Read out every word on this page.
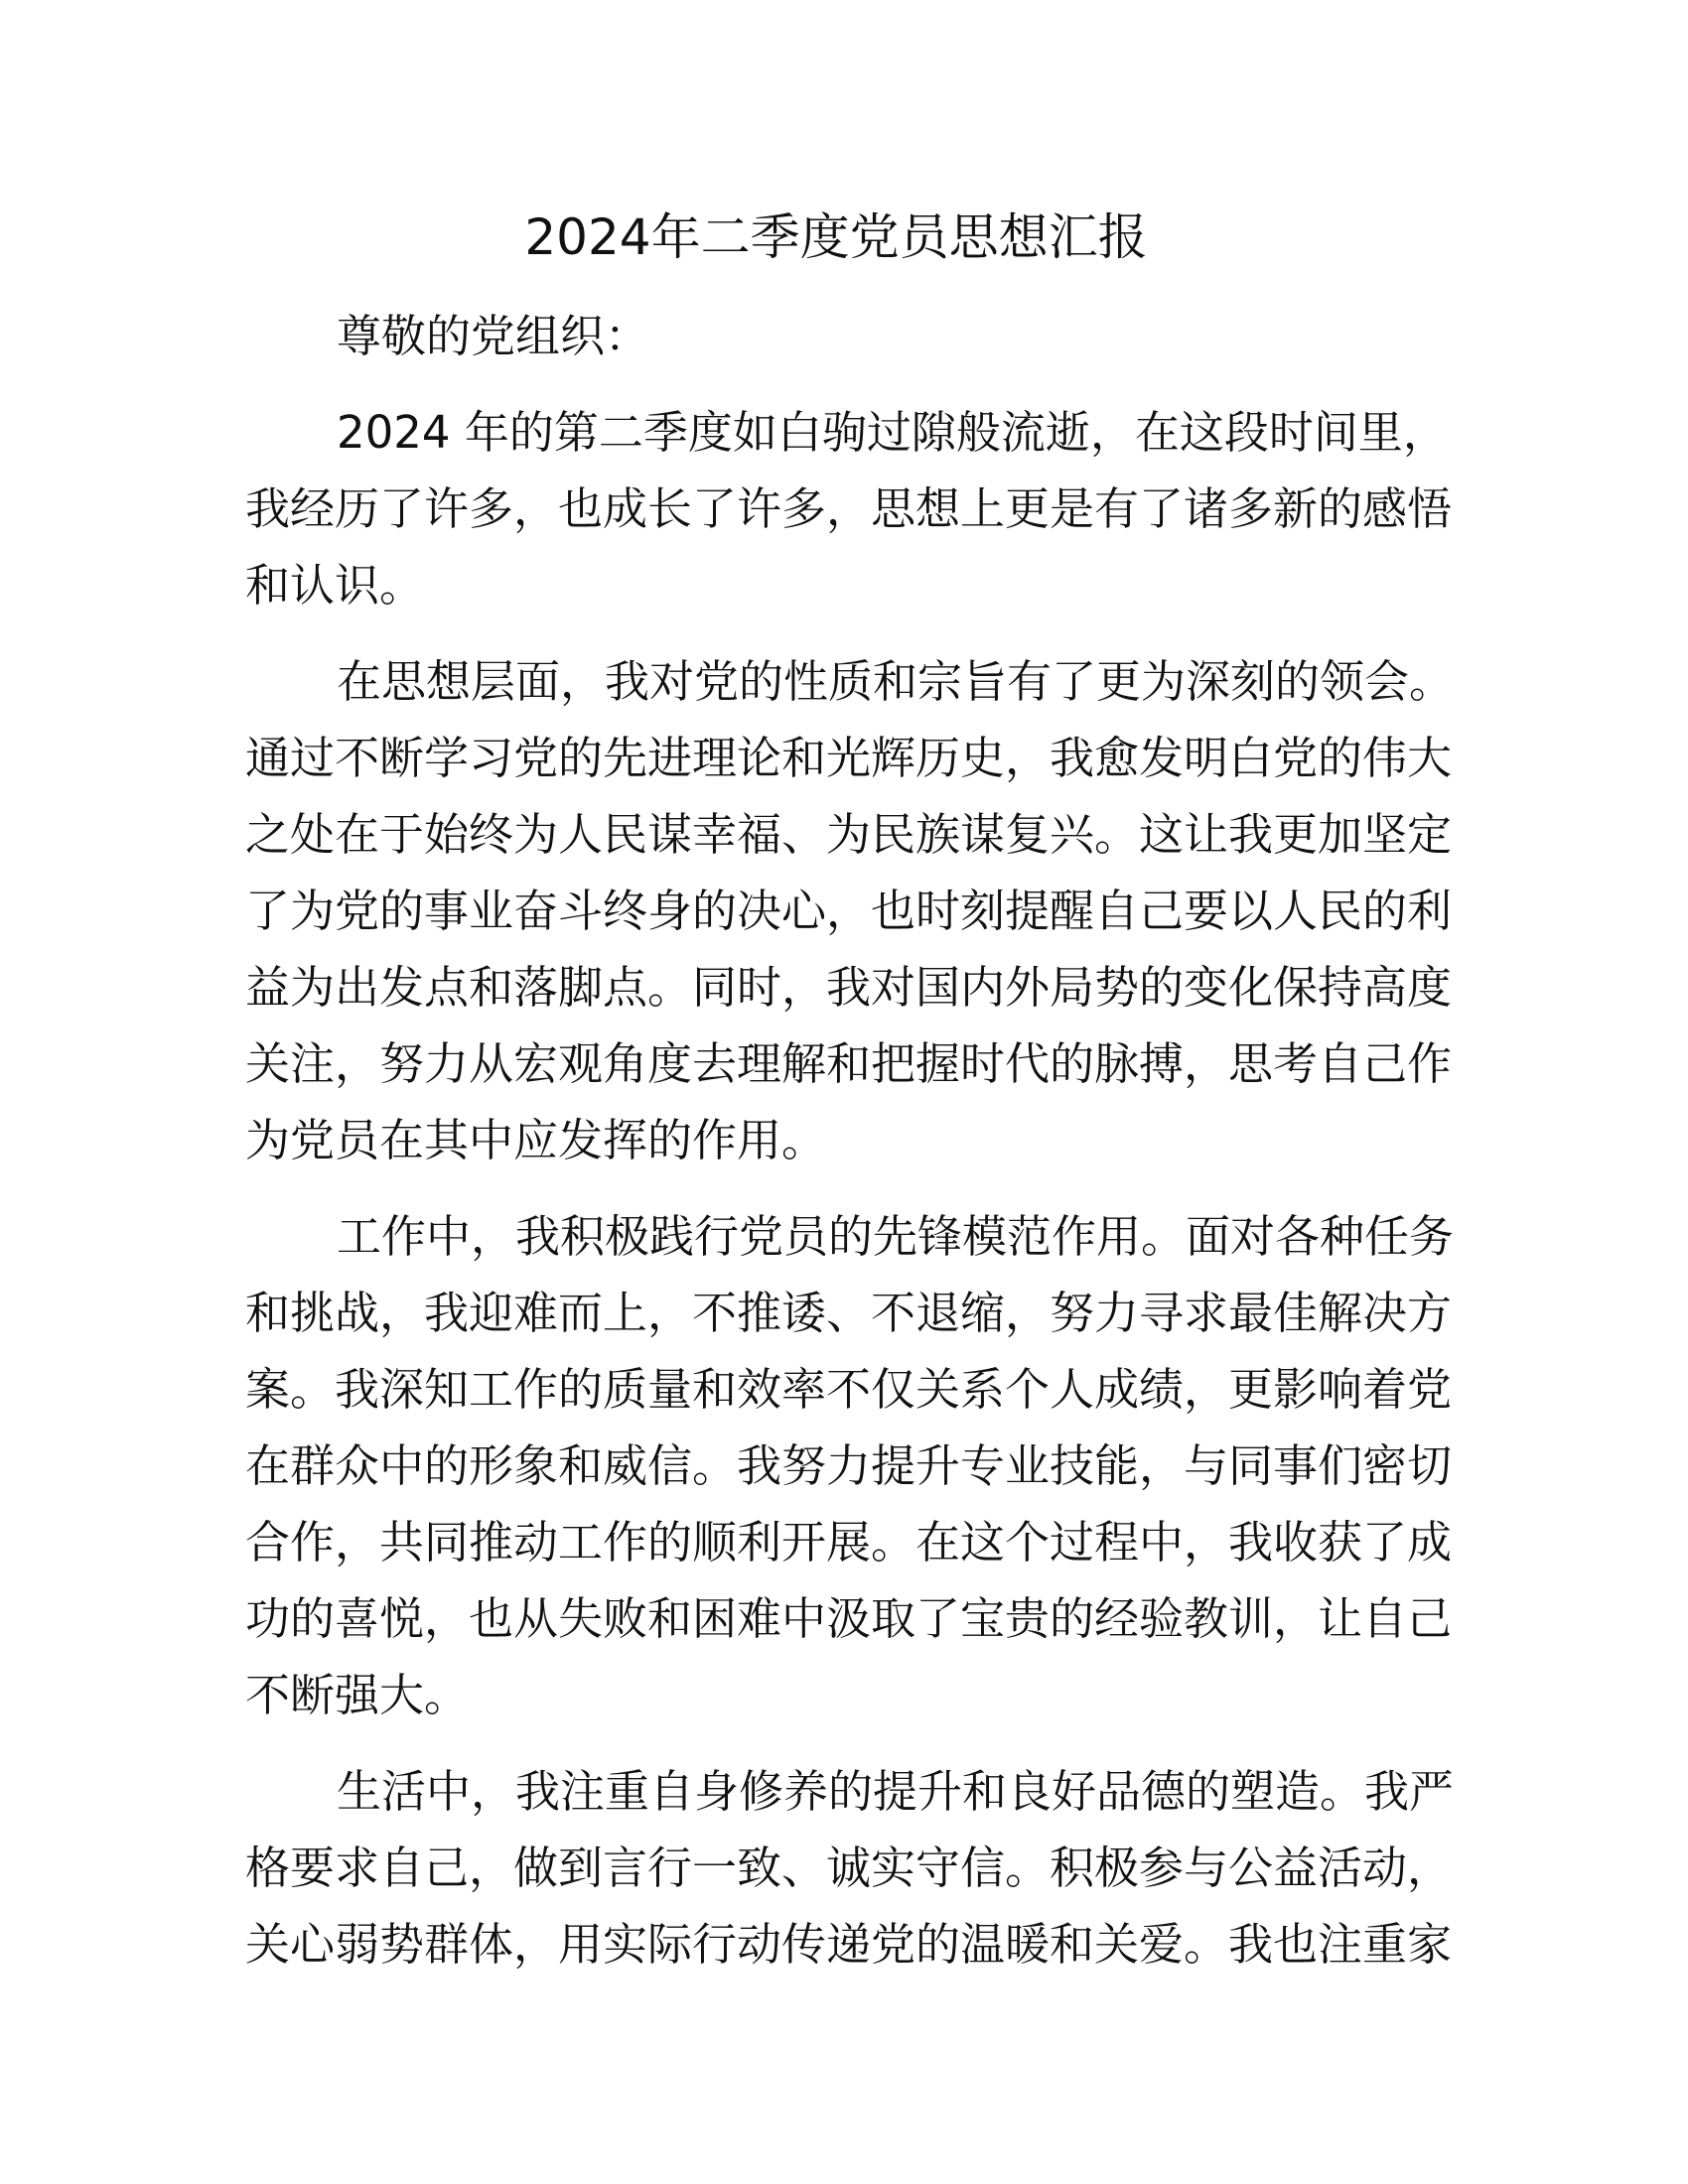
2024年二季度党员思想汇报
尊敬的党组织：
2024 年的第二季度如白驹过隙般流逝，在这段时间里，
我经历了许多，也成长了许多，思想上更是有了诸多新的感悟
和认识。
在思想层面，我对党的性质和宗旨有了更为深刻的领会。
通过不断学习党的先进理论和光辉历史，我愈发明白党的伟大
之处在于始终为人民谋幸福、为民族谋复兴。这让我更加坚定
了为党的事业奋斗终身的决心，也时刻提醒自己要以人民的利
益为出发点和落脚点。同时，我对国内外局势的变化保持高度
关注，努力从宏观角度去理解和把握时代的脉搏，思考自己作
为党员在其中应发挥的作用。
工作中，我积极践行党员的先锋模范作用。面对各种任务
和挑战，我迎难而上，不推诿、不退缩，努力寻求最佳解决方
案。我深知工作的质量和效率不仅关系个人成绩，更影响着党
在群众中的形象和威信。我努力提升专业技能，与同事们密切
合作，共同推动工作的顺利开展。在这个过程中，我收获了成
功的喜悦，也从失败和困难中汲取了宝贵的经验教训，让自己
不断强大。
生活中，我注重自身修养的提升和良好品德的塑造。我严
格要求自己，做到言行一致、诚实守信。积极参与公益活动，
关心弱势群体，用实际行动传递党的温暖和关爱。我也注重家
